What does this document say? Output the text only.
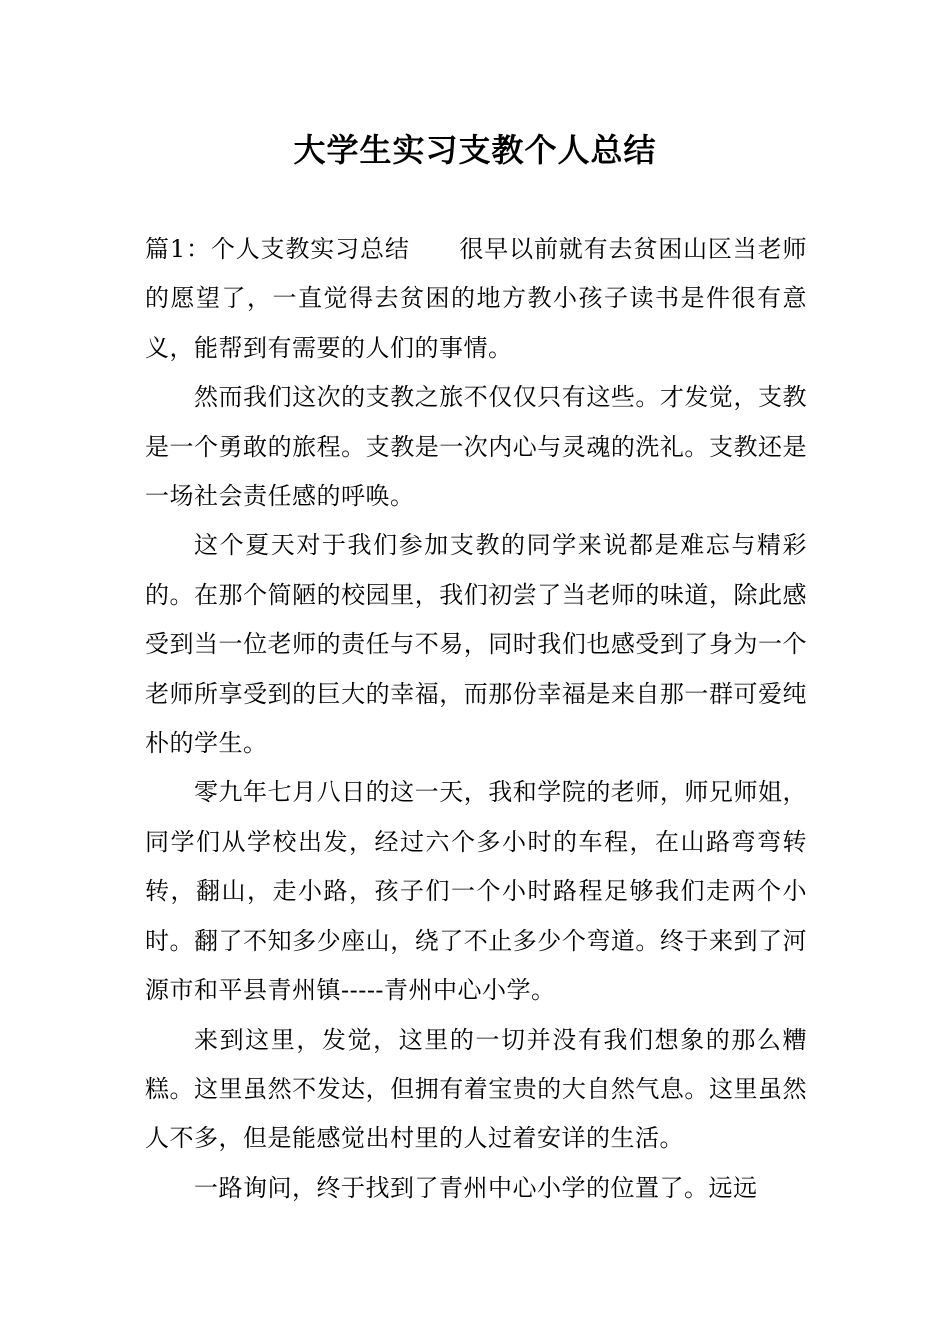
大学生实习支教个人总结

篇1：个人支教实习总结　　很早以前就有去贫困山区当老师的愿望了，一直觉得去贫困的地方教小孩子读书是件很有意义，能帮到有需要的人们的事情。

然而我们这次的支教之旅不仅仅只有这些。才发觉，支教是一个勇敢的旅程。支教是一次内心与灵魂的洗礼。支教还是一场社会责任感的呼唤。

这个夏天对于我们参加支教的同学来说都是难忘与精彩的。在那个简陋的校园里，我们初尝了当老师的味道，除此感受到当一位老师的责任与不易，同时我们也感受到了身为一个老师所享受到的巨大的幸福，而那份幸福是来自那一群可爱纯朴的学生。

零九年七月八日的这一天，我和学院的老师，师兄师姐，同学们从学校出发，经过六个多小时的车程，在山路弯弯转转，翻山，走小路，孩子们一个小时路程足够我们走两个小时。翻了不知多少座山，绕了不止多少个弯道。终于来到了河源市和平县青州镇-----青州中心小学。

来到这里，发觉，这里的一切并没有我们想象的那么糟糕。这里虽然不发达，但拥有着宝贵的大自然气息。这里虽然人不多，但是能感觉出村里的人过着安详的生活。

一路询问，终于找到了青州中心小学的位置了。远远
